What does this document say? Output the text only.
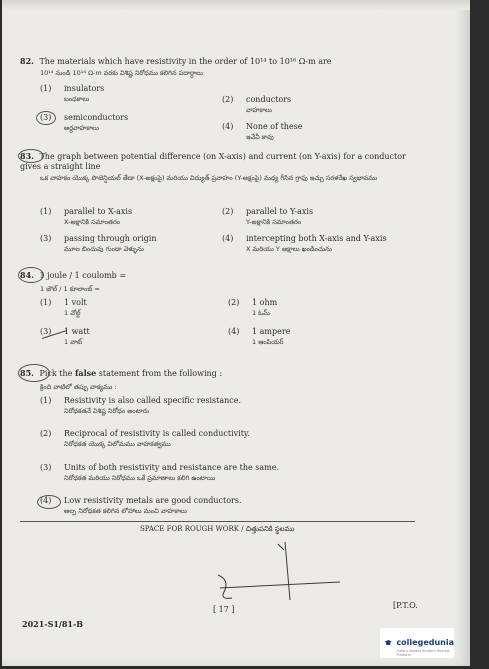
82. The materials which have resistivity in the order of 10¹⁴ to 10¹⁶ Ω-m are
10¹⁴ నుండి 10¹⁶ Ω-m వరకు విశిష్ట నిరోధము కలిగిన పదార్ధాలు
(1) insulators
బంధకాలు	(2) conductors
వాహకాలు
(3) semiconductors
అర్ధవాహకాలు	(4) None of these
ఇవేవీ కావు
83. The graph between potential difference (on X-axis) and current (on Y-axis) for a conductor gives a straight line
ఒక వాహకం యొక్క పొటెన్షియల్ తేడా (X-అక్షంపై) మరియు విద్యుత్ ప్రవాహం (Y-అక్షంపై) మధ్య గీసిన గ్రాఫు ఇచ్చు సరళరేఖ స్వభావము
(1) parallel to X-axis
X-అక్షానికి సమాంతరం
(2) parallel to Y-axis
Y-అక్షానికి సమాంతరం
(3) passing through origin
మూల బిందువు గుండా వెళ్ళును
(4) intercepting both X-axis and Y-axis
X మరియు Y అక్షాలు ఖండించును
84. 1 joule / 1 coulomb =
1 జౌల్ / 1 కూలాంబ్ =
(1) 1 volt
1 వోల్ట్
(2) 1 ohm
1 ఓమ్
(3) 1 watt
1 వాట్
(4) 1 ampere
1 ఆంపియర్
85. Pick the false statement from the following :
క్రింది వాటిలో తప్పు వాక్యము :
(1) Resistivity is also called specific resistance.
నిరోధకతనే విశిష్ట నిరోధం అంటారు
(2) Reciprocal of resistivity is called conductivity.
నిరోధకత యొక్క విలోమము వాహకత్వము
(3) Units of both resistivity and resistance are the same.
నిరోధకత మరియు నిరోధము ఒకే ప్రమాణాలు కలిగి ఉంటాయి
(4) Low resistivity metals are good conductors.
అల్ప నిరోధకత కలిగిన లోహాలు మంచి వాహకాలు
SPACE FOR ROUGH WORK / చిత్తుపనికి స్థలము
[ 17 ]	[P.T.O.
2021-S1/81-B
collegedunia
India's largest Student Review Platform
